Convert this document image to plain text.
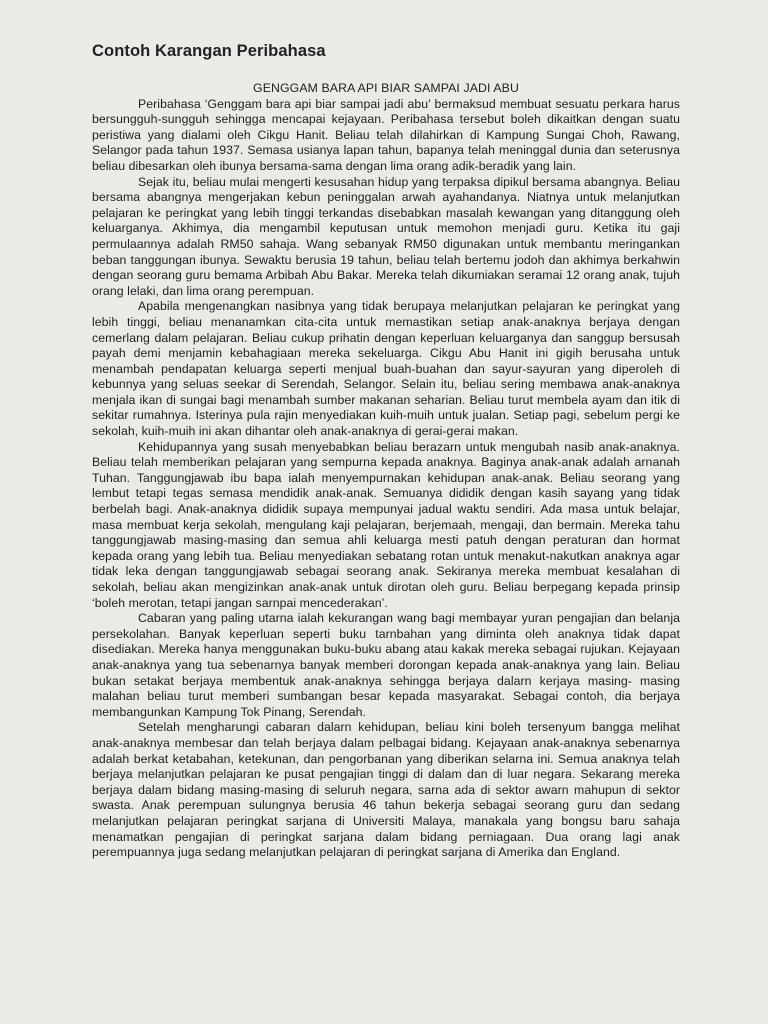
Contoh Karangan Peribahasa

GENGGAM BARA API BIAR SAMPAI JADI ABU

Peribahasa ‘Genggam bara api biar sampai jadi abu’ bermaksud membuat sesuatu perkara harus bersungguh-sungguh sehingga mencapai kejayaan. Peribahasa tersebut boleh dikaitkan dengan suatu peristiwa yang dialami oleh Cikgu Hanit. Beliau telah dilahirkan di Kampung Sungai Choh, Rawang, Selangor pada tahun 1937. Semasa usianya lapan tahun, bapanya telah meninggal dunia dan seterusnya beliau dibesarkan oleh ibunya bersama-sama dengan lima orang adik-beradik yang lain.

Sejak itu, beliau mulai mengerti kesusahan hidup yang terpaksa dipikul bersama abangnya. Beliau bersama abangnya mengerjakan kebun peninggalan arwah ayahandanya. Niatnya untuk melanjutkan pelajaran ke peringkat yang lebih tinggi terkandas disebabkan masalah kewangan yang ditanggung oleh keluarganya. Akhimya, dia mengambil keputusan untuk memohon menjadi guru. Ketika itu gaji permulaannya adalah RM50 sahaja. Wang sebanyak RM50 digunakan untuk membantu meringankan beban tanggungan ibunya. Sewaktu berusia 19 tahun, beliau telah bertemu jodoh dan akhimya berkahwin dengan seorang guru bemama Arbibah Abu Bakar. Mereka telah dikumiakan seramai 12 orang anak, tujuh orang lelaki, dan lima orang perempuan.

Apabila mengenangkan nasibnya yang tidak berupaya melanjutkan pelajaran ke peringkat yang lebih tinggi, beliau menanamkan cita-cita untuk memastikan setiap anak-anaknya berjaya dengan cemerlang dalam pelajaran. Beliau cukup prihatin dengan keperluan keluarganya dan sanggup bersusah payah demi menjamin kebahagiaan mereka sekeluarga. Cikgu Abu Hanit ini gigih berusaha untuk menambah pendapatan keluarga seperti menjual buah-buahan dan sayur-sayuran yang diperoleh di kebunnya yang seluas seekar di Serendah, Selangor. Selain itu, beliau sering membawa anak-anaknya menjala ikan di sungai bagi menambah sumber makanan seharian. Beliau turut membela ayam dan itik di sekitar rumahnya. Isterinya pula rajin menyediakan kuih-muih untuk jualan. Setiap pagi, sebelum pergi ke sekolah, kuih-muih ini akan dihantar oleh anak-anaknya di gerai-gerai makan.

Kehidupannya yang susah menyebabkan beliau berazarn untuk mengubah nasib anak-anaknya. Beliau telah memberikan pelajaran yang sempurna kepada anaknya. Baginya anak-anak adalah arnanah Tuhan. Tanggungjawab ibu bapa ialah menyempurnakan kehidupan anak-anak. Beliau seorang yang lembut tetapi tegas semasa mendidik anak-anak. Semuanya dididik dengan kasih sayang yang tidak berbelah bagi. Anak-anaknya dididik supaya mempunyai jadual waktu sendiri. Ada masa untuk belajar, masa membuat kerja sekolah, mengulang kaji pelajaran, berjemaah, mengaji, dan bermain. Mereka tahu tanggungjawab masing-masing dan semua ahli keluarga mesti patuh dengan peraturan dan hormat kepada orang yang lebih tua. Beliau menyediakan sebatang rotan untuk menakut-nakutkan anaknya agar tidak leka dengan tanggungjawab sebagai seorang anak. Sekiranya mereka membuat kesalahan di sekolah, beliau akan mengizinkan anak-anak untuk dirotan oleh guru. Beliau berpegang kepada prinsip ‘boleh merotan, tetapi jangan sarnpai mencederakan’.

Cabaran yang paling utarna ialah kekurangan wang bagi membayar yuran pengajian dan belanja persekolahan. Banyak keperluan seperti buku tarnbahan yang diminta oleh anaknya tidak dapat disediakan. Mereka hanya menggunakan buku-buku abang atau kakak mereka sebagai rujukan. Kejayaan anak-anaknya yang tua sebenarnya banyak memberi dorongan kepada anak-anaknya yang lain. Beliau bukan setakat berjaya membentuk anak-anaknya sehingga berjaya dalarn kerjaya masing- masing malahan beliau turut memberi sumbangan besar kepada masyarakat. Sebagai contoh, dia berjaya membangunkan Kampung Tok Pinang, Serendah.

Setelah mengharungi cabaran dalarn kehidupan, beliau kini boleh tersenyum bangga melihat anak-anaknya membesar dan telah berjaya dalam pelbagai bidang. Kejayaan anak-anaknya sebenarnya adalah berkat ketabahan, ketekunan, dan pengorbanan yang diberikan selarna ini. Semua anaknya telah berjaya melanjutkan pelajaran ke pusat pengajian tinggi di dalam dan di luar negara. Sekarang mereka berjaya dalam bidang masing-masing di seluruh negara, sarna ada di sektor awarn mahupun di sektor swasta. Anak perempuan sulungnya berusia 46 tahun bekerja sebagai seorang guru dan sedang melanjutkan pelajaran peringkat sarjana di Universiti Malaya, manakala yang bongsu baru sahaja menamatkan pengajian di peringkat sarjana dalam bidang perniagaan. Dua orang lagi anak perempuannya juga sedang melanjutkan pelajaran di peringkat sarjana di Amerika dan England.
